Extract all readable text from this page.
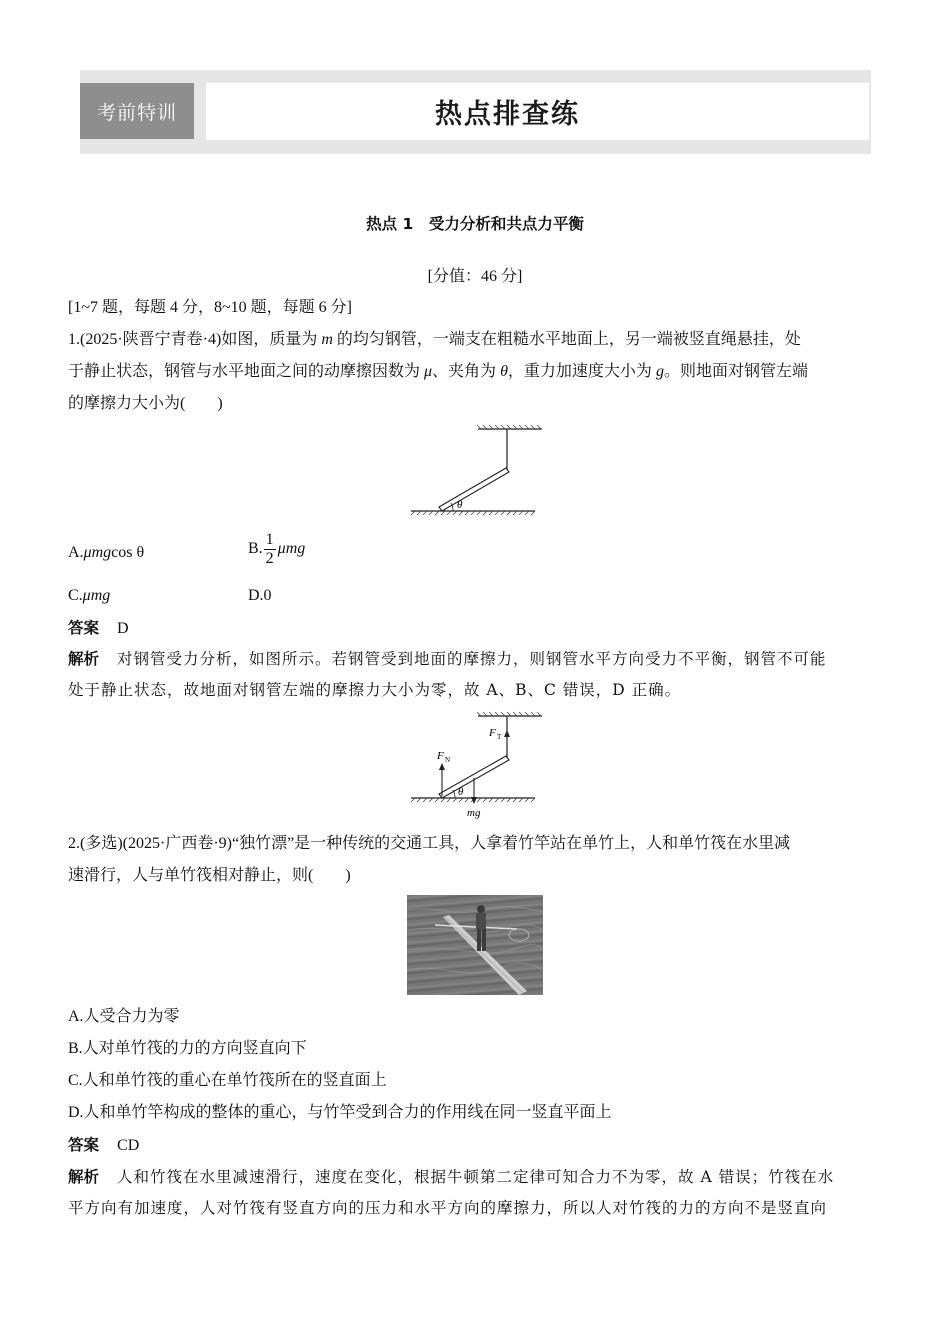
考前特训	热点排查练
热点 1　受力分析和共点力平衡
[分值：46 分]
[1~7 题，每题 4 分，8~10 题，每题 6 分]
1.(2025·陕晋宁青卷·4)如图，质量为 m 的均匀钢管，一端支在粗糙水平地面上，另一端被竖直绳悬挂，处
于静止状态，钢管与水平地面之间的动摩擦因数为 μ、夹角为 θ，重力加速度大小为 g。则地面对钢管左端
的摩擦力大小为(　　)
θ
A.μmgcos θ	B. $\frac{1}{2}$ μmg
C.μmg	D.0
答案 D
解析 对钢管受力分析，如图所示。若钢管受到地面的摩擦力，则钢管水平方向受力不平衡，钢管不可能
处于静止状态，故地面对钢管左端的摩擦力大小为零，故 A、B、C 错误，D 正确。
F T
F N
mg
θ
2.(多选)(2025·广西卷·9)“独竹漂”是一种传统的交通工具，人拿着竹竿站在单竹上，人和单竹筏在水里减
速滑行，人与单竹筏相对静止，则(　　)
A.人受合力为零
B.人对单竹筏的力的方向竖直向下
C.人和单竹筏的重心在单竹筏所在的竖直面上
D.人和单竹竿构成的整体的重心，与竹竿受到合力的作用线在同一竖直平面上
答案 CD
解析 人和竹筏在水里减速滑行，速度在变化，根据牛顿第二定律可知合力不为零，故 A 错误；竹筏在水
平方向有加速度，人对竹筏有竖直方向的压力和水平方向的摩擦力，所以人对竹筏的力的方向不是竖直向
